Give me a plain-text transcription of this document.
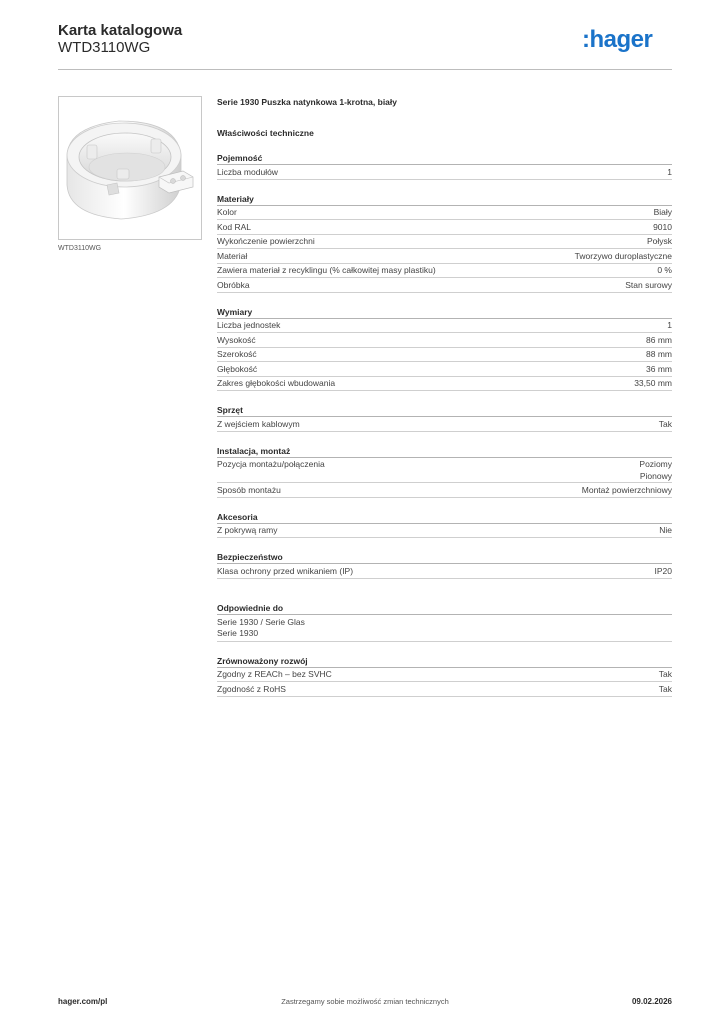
Karta katalogowa
WTD3110WG	:hager
WTD3110WG
Serie 1930 Puszka natynkowa 1-krotna, biały
Właściwości techniczne
Pojemność
Liczba modułów	1
Materiały
Kolor	Biały
Kod RAL	9010
Wykończenie powierzchni	Połysk
Materiał	Tworzywo duroplastyczne
Zawiera materiał z recyklingu (% całkowitej masy plastiku)	0 %
Obróbka	Stan surowy
Wymiary
Liczba jednostek	1
Wysokość	86 mm
Szerokość	88 mm
Głębokość	36 mm
Zakres głębokości wbudowania	33,50 mm
Sprzęt
Z wejściem kablowym	Tak
Instalacja, montaż
Pozycja montażu/połączenia	Poziomy
Pionowy
Sposób montażu	Montaż powierzchniowy
Akcesoria
Z pokrywą ramy	Nie
Bezpieczeństwo
Klasa ochrony przed wnikaniem (IP)	IP20
Odpowiednie do
Serie 1930 / Serie Glas
Serie 1930
Zrównoważony rozwój
Zgodny z REACh – bez SVHC	Tak
Zgodność z RoHS	Tak
hager.com/pl	Zastrzegamy sobie możliwość zmian technicznych	09.02.2026
